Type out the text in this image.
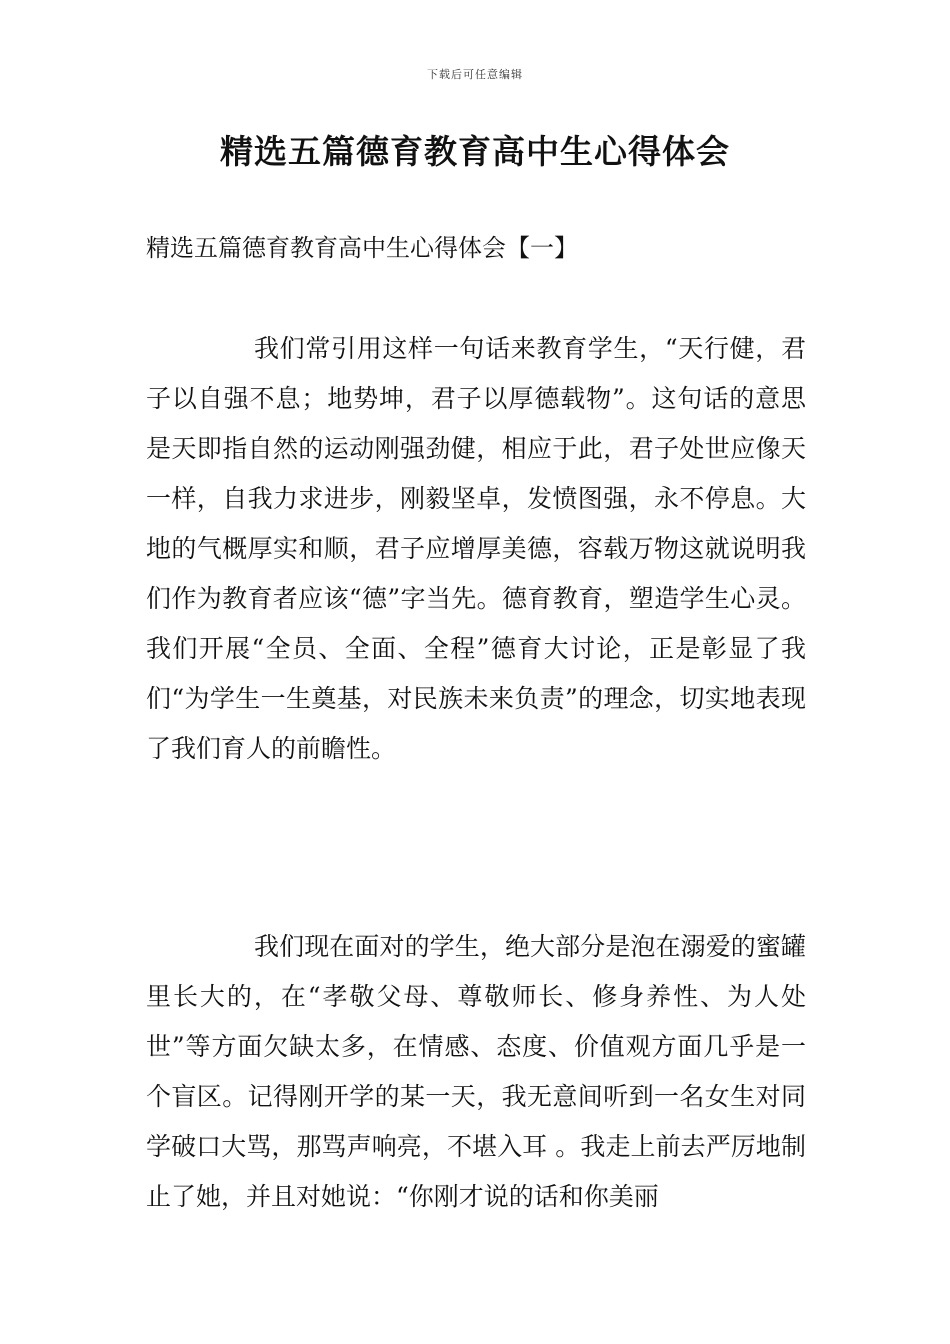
下载后可任意编辑
精选五篇德育教育高中生心得体会
精选五篇德育教育高中生心得体会【一】

我们常引用这样一句话来教育学生，“天行健，君子以自强不息；地势坤，君子以厚德载物”。这句话的意思是天即指自然的运动刚强劲健，相应于此，君子处世应像天一样，自我力求进步，刚毅坚卓，发愤图强，永不停息。大地的气概厚实和顺，君子应增厚美德，容载万物这就说明我们作为教育者应该“德”字当先。德育教育，塑造学生心灵。我们开展“全员、全面、全程”德育大讨论，正是彰显了我们“为学生一生奠基，对民族未来负责”的理念，切实地表现了我们育人的前瞻性。

我们现在面对的学生，绝大部分是泡在溺爱的蜜罐里长大的，在“孝敬父母、尊敬师长、修身养性、为人处世”等方面欠缺太多，在情感、态度、价值观方面几乎是一个盲区。记得刚开学的某一天，我无意间听到一名女生对同学破口大骂，那骂声响亮，不堪入耳 。我走上前去严厉地制止了她，并且对她说：“你刚才说的话和你美丽
